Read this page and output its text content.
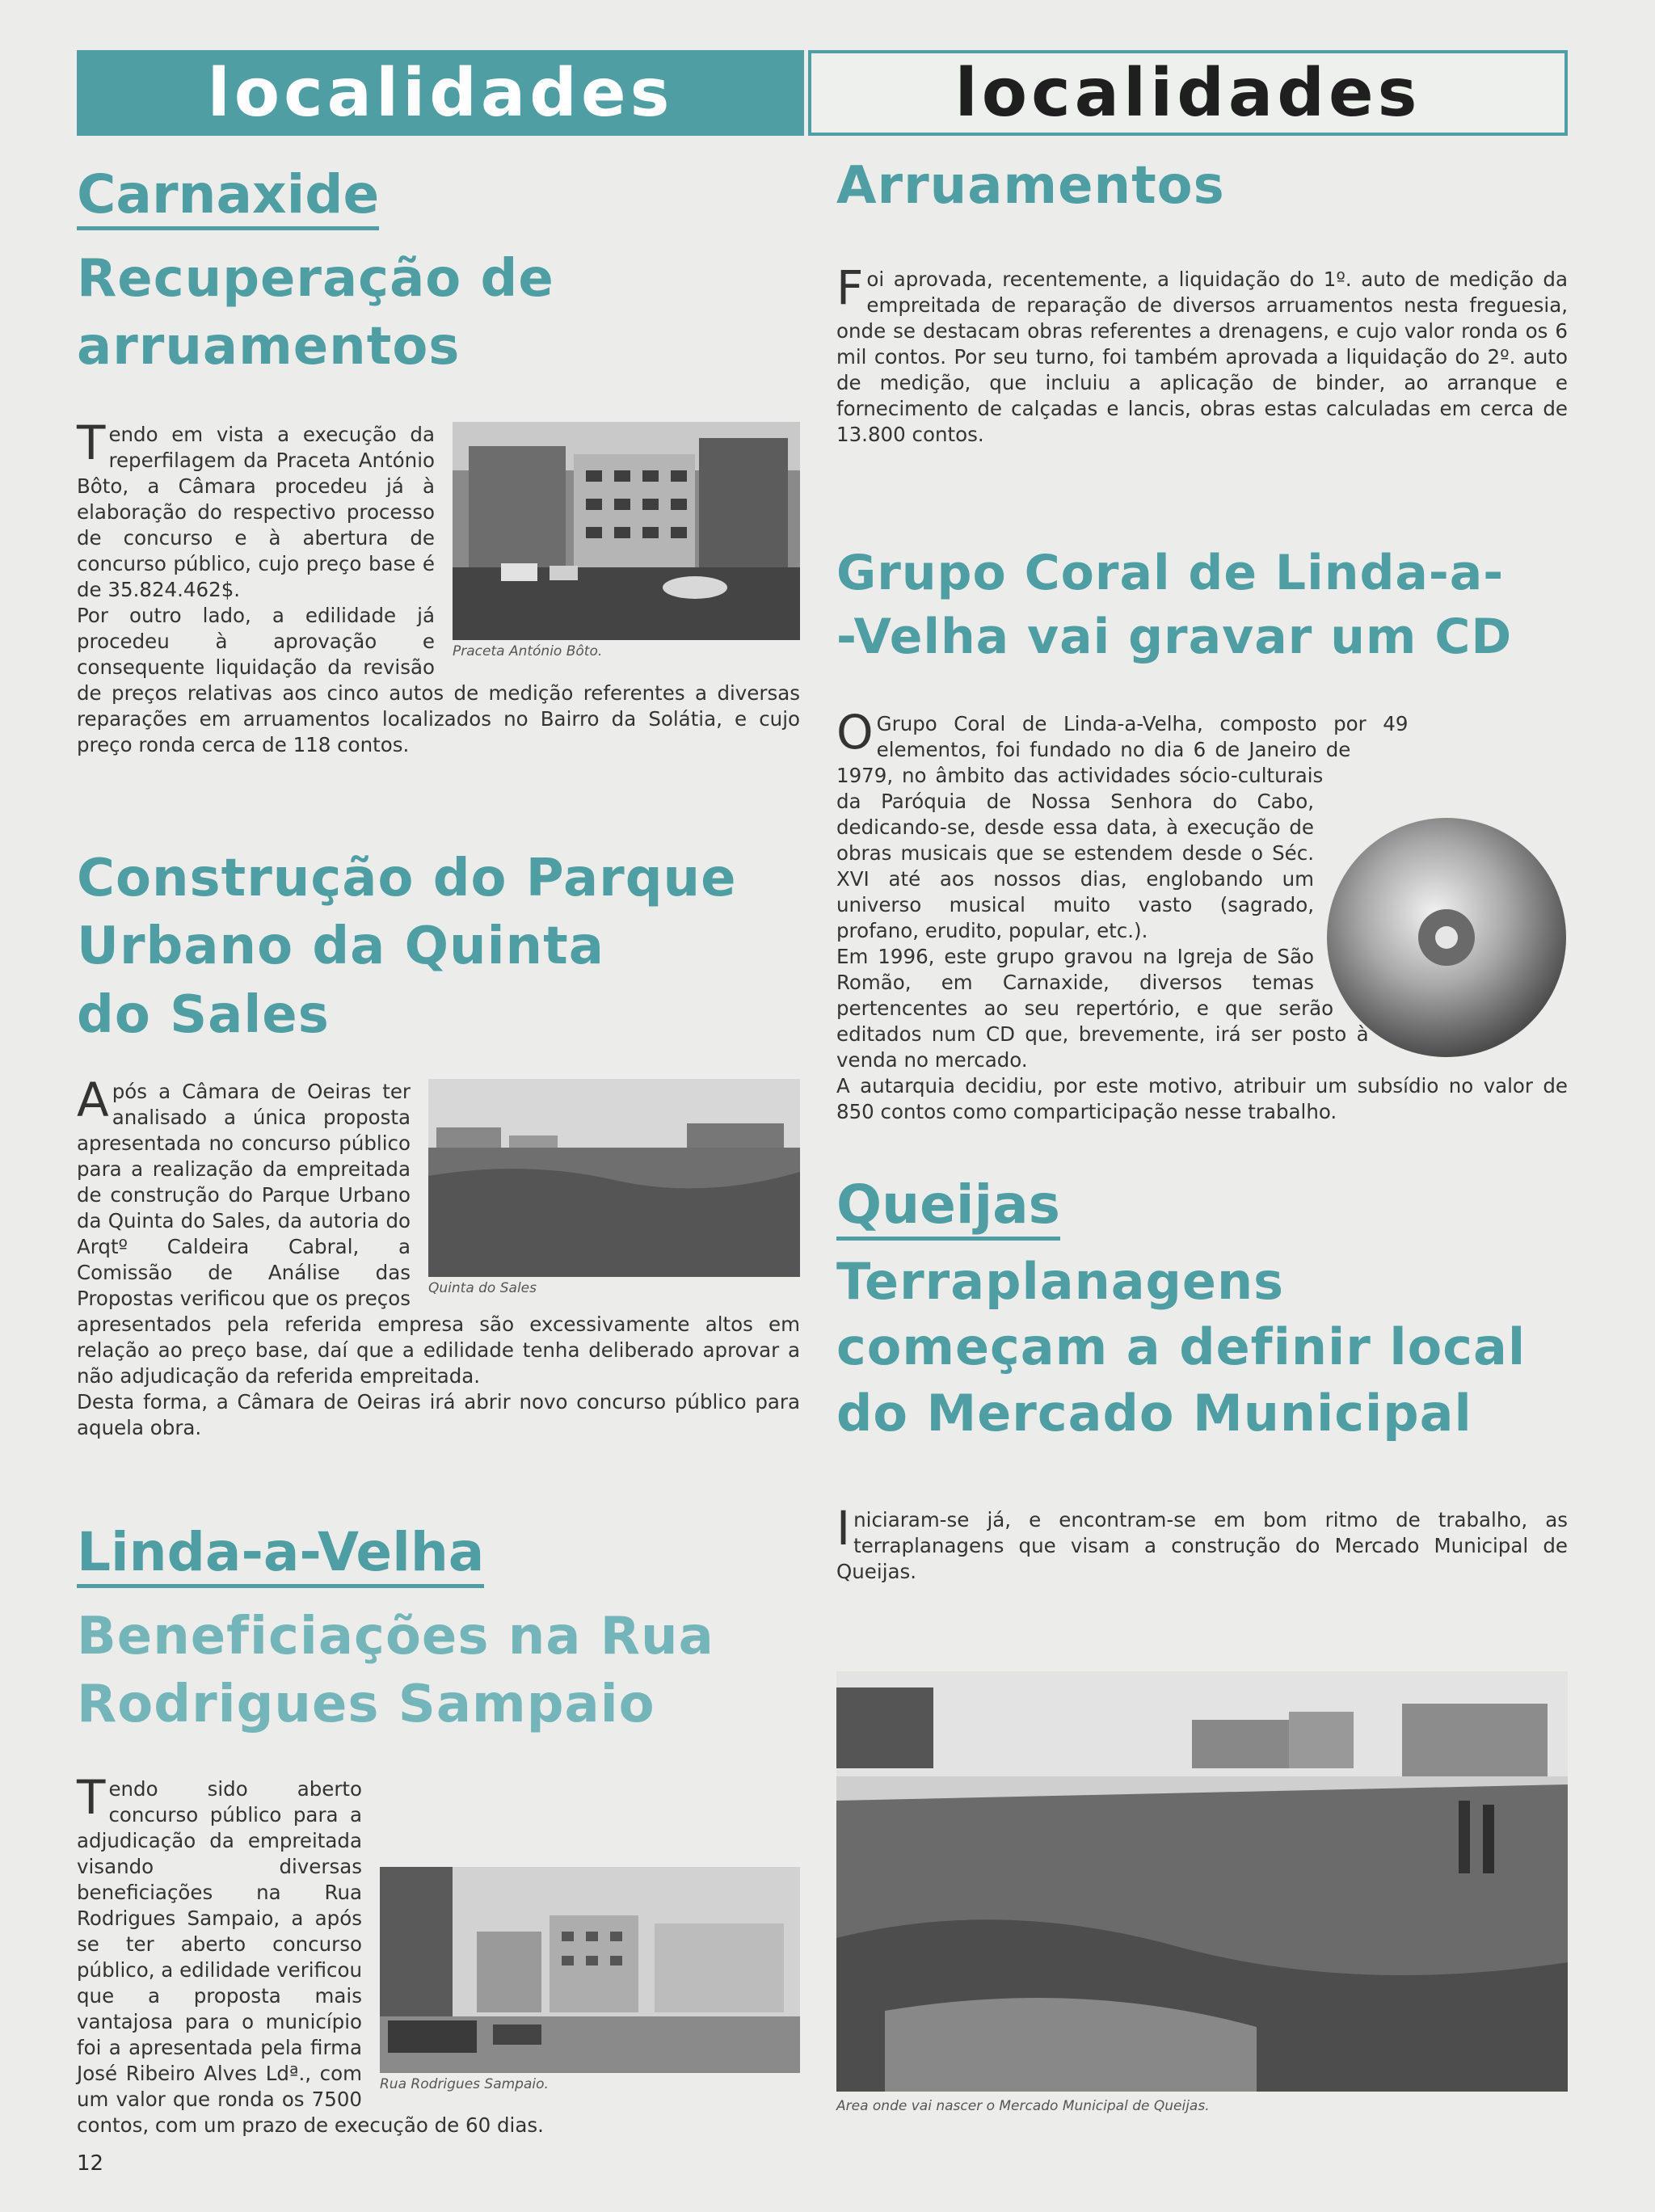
localidades	localidades
Carnaxide
Recuperação de
arruamentos
Praceta António Bôto.

Tendo em vista a execução da reperfilagem da Praceta António Bôto, a Câmara procedeu já à elaboração do respectivo processo de concurso e à abertura de concurso público, cujo preço base é de 35.824.462$.

Por outro lado, a edilidade já procedeu à aprovação e consequente liquidação da revisão de preços relativas aos cinco autos de medição referentes a diversas reparações em arruamentos localizados no Bairro da Solátia, e cujo preço ronda cerca de 118 contos.

Construção do Parque
Urbano da Quinta
do Sales
Quinta do Sales

Após a Câmara de Oeiras ter analisado a única proposta apresentada no concurso público para a realização da empreitada de construção do Parque Urbano da Quinta do Sales, da autoria do Arqtº Caldeira Cabral, a Comissão de Análise das Propostas verificou que os preços apresentados pela referida empresa são excessivamente altos em relação ao preço base, daí que a edilidade tenha deliberado aprovar a não adjudicação da referida empreitada.

Desta forma, a Câmara de Oeiras irá abrir novo concurso público para aquela obra.

Linda-a-Velha
Beneficiações na Rua
Rodrigues Sampaio
Rua Rodrigues Sampaio.

Tendo sido aberto concurso público para a adjudicação da empreitada visando diversas beneficiações na Rua Rodrigues Sampaio, a após se ter aberto concurso público, a edilidade verificou que a proposta mais vantajosa para o município foi a apresentada pela firma José Ribeiro Alves Ldª., com um valor que ronda os 7500 contos, com um prazo de execução de 60 dias.

Arruamentos

Foi aprovada, recentemente, a liquidação do 1º. auto de medição da empreitada de reparação de diversos arruamentos nesta freguesia, onde se destacam obras referentes a drenagens, e cujo valor ronda os 6 mil contos. Por seu turno, foi também aprovada a liquidação do 2º. auto de medição, que incluiu a aplicação de binder, ao arranque e fornecimento de calçadas e lancis, obras estas calculadas em cerca de 13.800 contos.

Grupo Coral de Linda-a-
-Velha vai gravar um CD

O Grupo Coral de Linda-a-Velha, composto por 49 elementos, foi fundado no dia 6 de Janeiro de 1979, no âmbito das actividades sócio-culturais da Paróquia de Nossa Senhora do Cabo, dedicando-se, desde essa data, à execução de obras musicais que se estendem desde o Séc. XVI até aos nossos dias, englobando um universo musical muito vasto (sagrado, profano, erudito, popular, etc.).

Em 1996, este grupo gravou na Igreja de São Romão, em Carnaxide, diversos temas pertencentes ao seu repertório, e que serão editados num CD que, brevemente, irá ser posto à venda no mercado.

A autarquia decidiu, por este motivo, atribuir um subsídio no valor de 850 contos como comparticipação nesse trabalho.

Queijas
Terraplanagens
começam a definir local
do Mercado Municipal

Iniciaram-se já, e encontram-se em bom ritmo de trabalho, as terraplanagens que visam a construção do Mercado Municipal de Queijas.

Area onde vai nascer o Mercado Municipal de Queijas.
12
